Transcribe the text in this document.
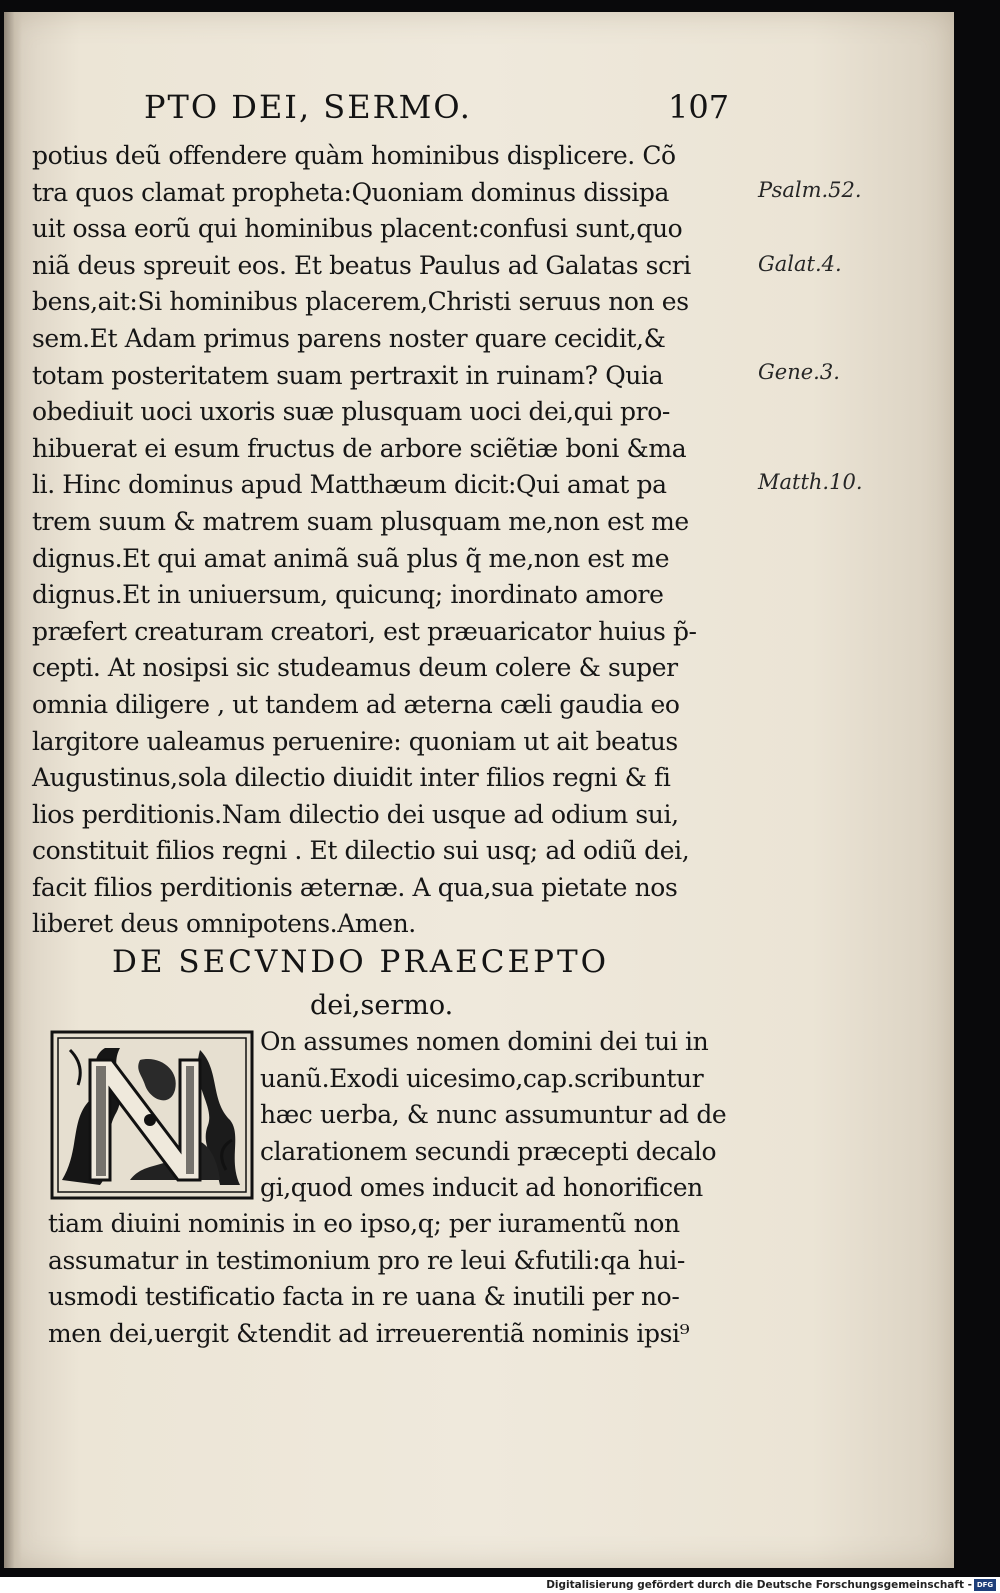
PTO DEI, SERMO.	107
potius deũ offendere quàm hominibus displicere. Cõ
tra quos clamat propheta:Quoniam dominus dissipa
uit ossa eorũ qui hominibus placent:confusi sunt,quo
niã deus spreuit eos. Et beatus Paulus ad Galatas scri
bens,ait:Si hominibus placerem,Christi seruus non es
sem.Et Adam primus parens noster quare cecidit,&
totam posteritatem suam pertraxit in ruinam? Quia
obediuit uoci uxoris suæ plusquam uoci dei,qui pro-
hibuerat ei esum fructus de arbore sciẽtiæ boni &ma
li. Hinc dominus apud Matthæum dicit:Qui amat pa
trem suum & matrem suam plusquam me,non est me
dignus.Et qui amat animã suã plus q̃ me,non est me
dignus.Et in uniuersum, quicunq; inordinato amore
præfert creaturam creatori, est præuaricator huius p̃-
cepti. At nosipsi sic studeamus deum colere & super
omnia diligere , ut tandem ad æterna cæli gaudia eo
largitore ualeamus peruenire: quoniam ut ait beatus
Augustinus,sola dilectio diuidit inter filios regni & fi
lios perditionis.Nam dilectio dei usque ad odium sui,
constituit filios regni . Et dilectio sui usq; ad odiũ dei,
facit filios perditionis æternæ. A qua,sua pietate nos
liberet deus omnipotens.Amen.
Psalm.52.
Galat.4.
Gene.3.
Matth.10.
DE SECVNDO PRAECEPTO
dei,sermo.
On assumes nomen domini dei tui in
uanũ.Exodi uicesimo,cap.scribuntur
hæc uerba, & nunc assumuntur ad de
clarationem secundi præcepti decalo
gi,quod omes inducit ad honorificen
tiam diuini nominis in eo ipso,q; per iuramentũ non
assumatur in testimonium pro re leui &futili:qa hui-
usmodi testificatio facta in re uana & inutili per no-
men dei,uergit &tendit ad irreuerentiã nominis ipsi⁹
Digitalisierung gefördert durch die Deutsche Forschungsgemeinschaft - DFG
